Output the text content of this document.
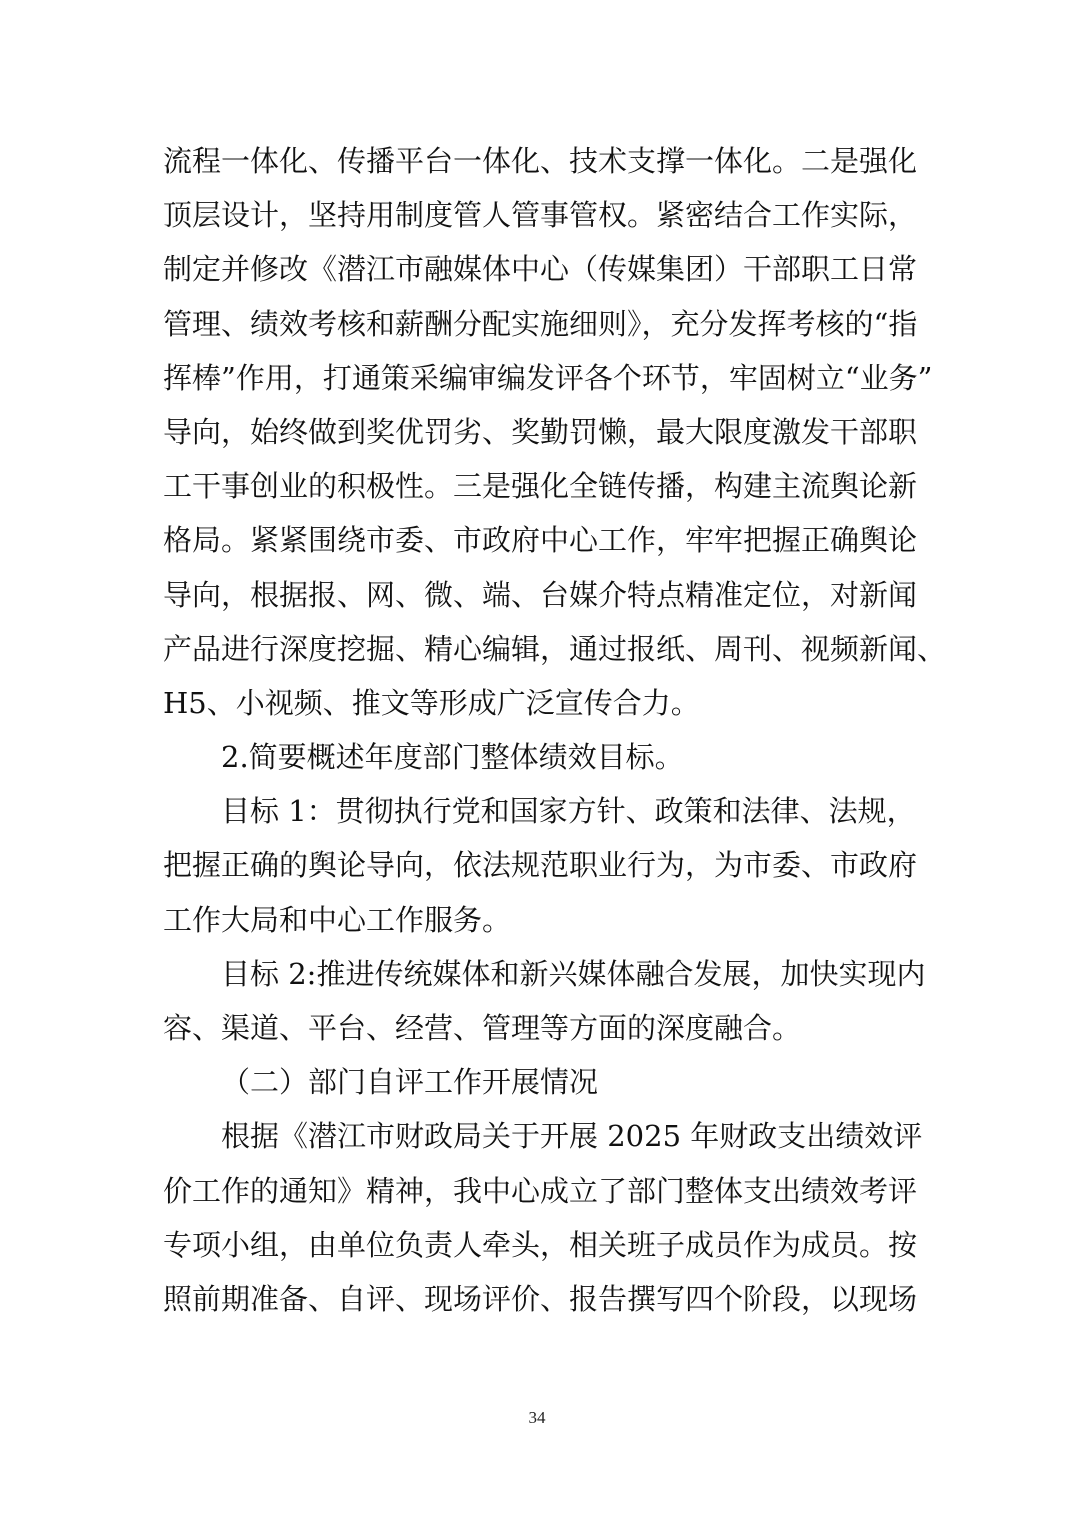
流程一体化、传播平台一体化、技术支撑一体化。二是强化
顶层设计，坚持用制度管人管事管权。紧密结合工作实际，
制定并修改《潜江市融媒体中心（传媒集团）干部职工日常
管理、绩效考核和薪酬分配实施细则》，充分发挥考核的“指
挥棒”作用，打通策采编审编发评各个环节，牢固树立“业务”
导向，始终做到奖优罚劣、奖勤罚懒，最大限度激发干部职
工干事创业的积极性。三是强化全链传播，构建主流舆论新
格局。紧紧围绕市委、市政府中心工作，牢牢把握正确舆论
导向，根据报、网、微、端、台媒介特点精准定位，对新闻
产品进行深度挖掘、精心编辑，通过报纸、周刊、视频新闻、
H5、小视频、推文等形成广泛宣传合力。
2.简要概述年度部门整体绩效目标。
目标 1：贯彻执行党和国家方针、政策和法律、法规，
把握正确的舆论导向，依法规范职业行为，为市委、市政府
工作大局和中心工作服务。
目标 2:推进传统媒体和新兴媒体融合发展，加快实现内
容、渠道、平台、经营、管理等方面的深度融合。
（二）部门自评工作开展情况
根据《潜江市财政局关于开展 2025 年财政支出绩效评
价工作的通知》精神，我中心成立了部门整体支出绩效考评
专项小组，由单位负责人牵头，相关班子成员作为成员。按
照前期准备、自评、现场评价、报告撰写四个阶段，以现场
34
